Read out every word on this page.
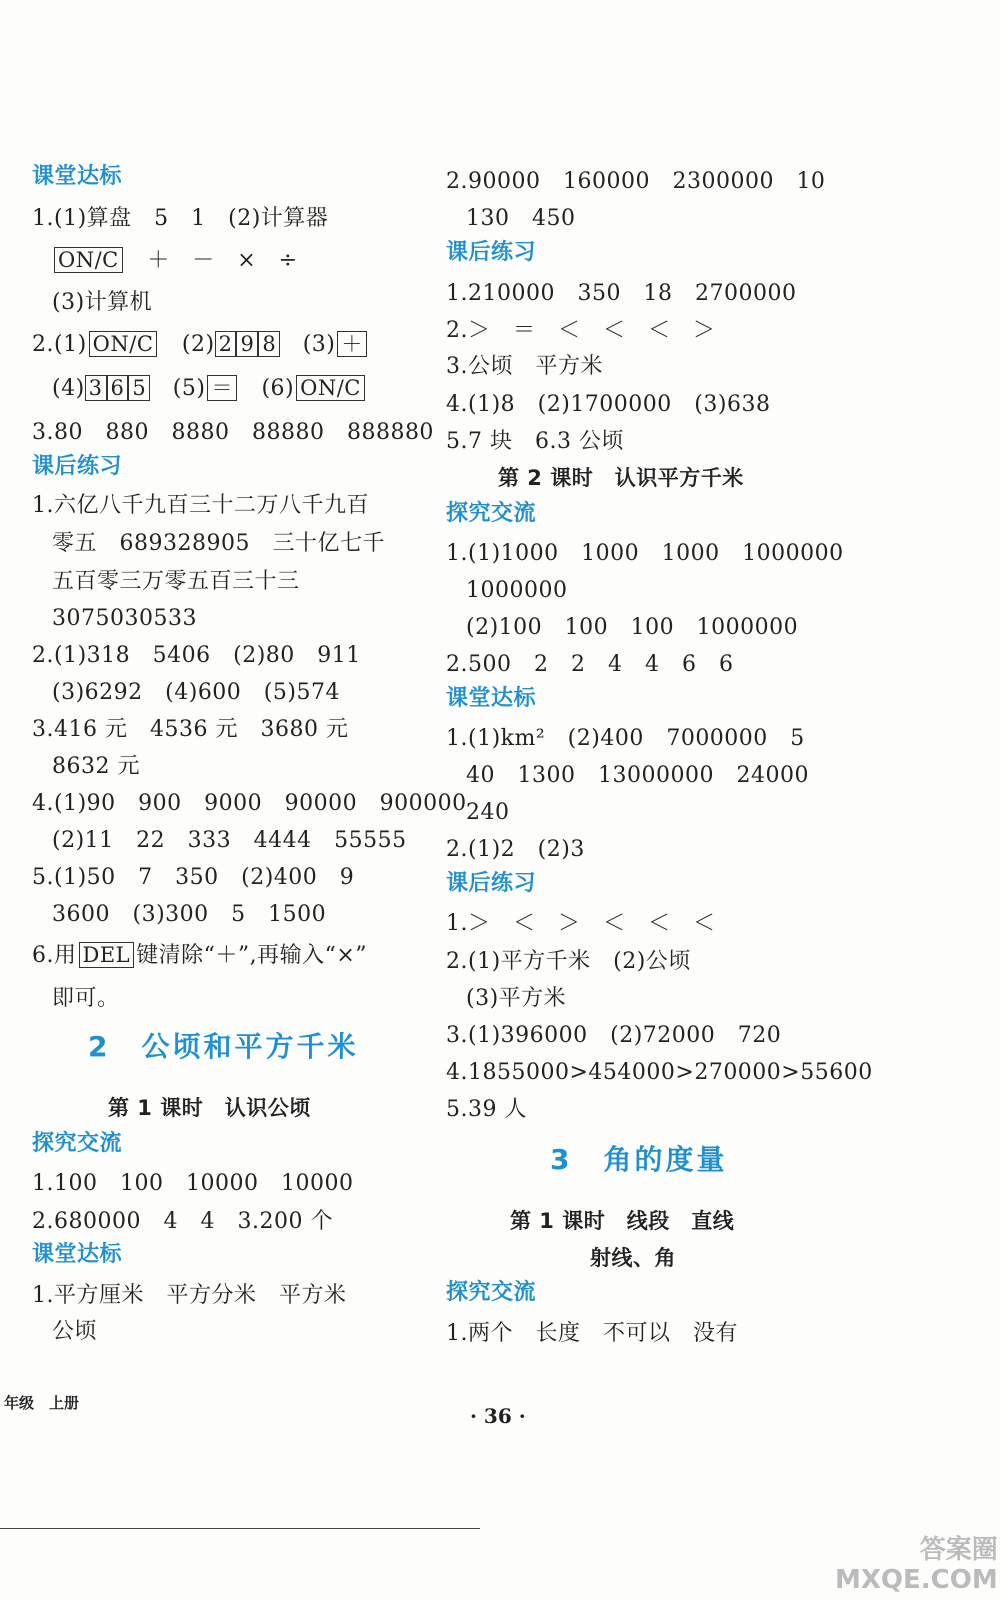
课堂达标
1.(1)算盘　5　1　(2)计算器
ON/C　＋　－　×　÷
(3)计算机
2.(1) ON/C　(2) 2 9 8　(3) ＋
(4) 3 6 5　(5) ＝　(6) ON/C
3.80　880　8880　88880　888880
课后练习
1.六亿八千九百三十二万八千九百
零五　689328905　三十亿七千
五百零三万零五百三十三
3075030533
2.(1)318　5406　(2)80　911
(3)6292　(4)600　(5)574
3.416 元　4536 元　3680 元
8632 元
4.(1)90　900　9000　90000　900000
(2)11　22　333　4444　55555
5.(1)50　7　350　(2)400　9
3600　(3)300　5　1500
6.用 DEL 键清除“＋”,再输入“×”
即可。
2　公顷和平方千米
第 1 课时　认识公顷
探究交流
1.100　100　10000　10000
2.680000　4　4　3.200 个
课堂达标
1.平方厘米　平方分米　平方米
公顷
2.90000　160000　2300000　10
130　450
课后练习
1.210000　350　18　2700000
2.＞　＝　＜　＜　＜　＞
3.公顷　平方米
4.(1)8　(2)1700000　(3)638
5.7 块　6.3 公顷
第 2 课时　认识平方千米
探究交流
1.(1)1000　1000　1000　1000000
1000000
(2)100　100　100　1000000
2.500　2　2　4　4　6　6
课堂达标
1.(1)km²　(2)400　7000000　5
40　1300　13000000　24000
240
2.(1)2　(2)3
课后练习
1.＞　＜　＞　＜　＜　＜
2.(1)平方千米　(2)公顷
(3)平方米
3.(1)396000　(2)72000　720
4.1855000>454000>270000>55600
5.39 人
3　角的度量
第 1 课时　线段　直线
射线、角
探究交流
1.两个　长度　不可以　没有
年级　上册
· 36 ·
答案圈
MXQE.COM
